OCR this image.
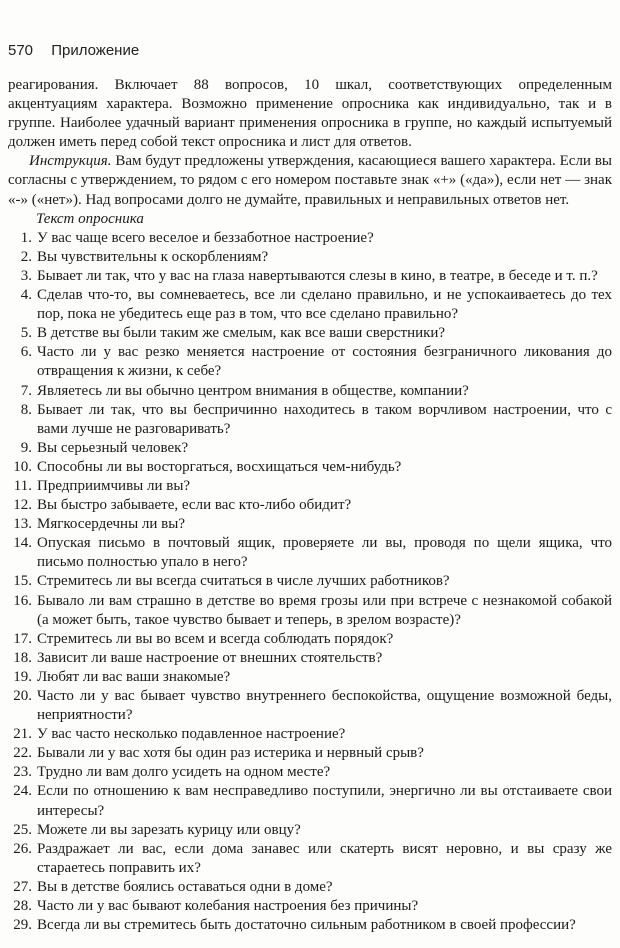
570 Приложение

реагирования. Включает 88 вопросов, 10 шкал, соответствующих определенным акцентуациям характера. Возможно применение опросника как индивидуально, так и в группе. Наиболее удачный вариант применения опросника в группе, но каждый испытуемый должен иметь перед собой текст опросника и лист для ответов.

Инструкция. Вам будут предложены утверждения, касающиеся вашего характера. Если вы согласны с утверждением, то рядом с его номером поставьте знак «+» («да»), если нет — знак «-» («нет»). Над вопросами долго не думайте, правильных и неправильных ответов нет.

Текст опросника

1. У вас чаще всего веселое и беззаботное настроение?
2. Вы чувствительны к оскорблениям?
3. Бывает ли так, что у вас на глаза навертываются слезы в кино, в театре, в беседе и т. п.?
4. Сделав что-то, вы сомневаетесь, все ли сделано правильно, и не успокаиваетесь до тех пор, пока не убедитесь еще раз в том, что все сделано правильно?
5. В детстве вы были таким же смелым, как все ваши сверстники?
6. Часто ли у вас резко меняется настроение от состояния безграничного ликования до отвращения к жизни, к себе?
7. Являетесь ли вы обычно центром внимания в обществе, компании?
8. Бывает ли так, что вы беспричинно находитесь в таком ворчливом настроении, что с вами лучше не разговаривать?
9. Вы серьезный человек?
10. Способны ли вы восторгаться, восхищаться чем-нибудь?
11. Предприимчивы ли вы?
12. Вы быстро забываете, если вас кто-либо обидит?
13. Мягкосердечны ли вы?
14. Опуская письмо в почтовый ящик, проверяете ли вы, проводя по щели ящика, что письмо полностью упало в него?
15. Стремитесь ли вы всегда считаться в числе лучших работников?
16. Бывало ли вам страшно в детстве во время грозы или при встрече с незнакомой собакой (а может быть, такое чувство бывает и теперь, в зрелом возрасте)?
17. Стремитесь ли вы во всем и всегда соблюдать порядок?
18. Зависит ли ваше настроение от внешних стоятельств?
19. Любят ли вас ваши знакомые?
20. Часто ли у вас бывает чувство внутреннего беспокойства, ощущение возможной беды, неприятности?
21. У вас часто несколько подавленное настроение?
22. Бывали ли у вас хотя бы один раз истерика и нервный срыв?
23. Трудно ли вам долго усидеть на одном месте?
24. Если по отношению к вам несправедливо поступили, энергично ли вы отстаиваете свои интересы?
25. Можете ли вы зарезать курицу или овцу?
26. Раздражает ли вас, если дома занавес или скатерть висят неровно, и вы сразу же стараетесь поправить их?
27. Вы в детстве боялись оставаться одни в доме?
28. Часто ли у вас бывают колебания настроения без причины?
29. Всегда ли вы стремитесь быть достаточно сильным работником в своей профессии?
